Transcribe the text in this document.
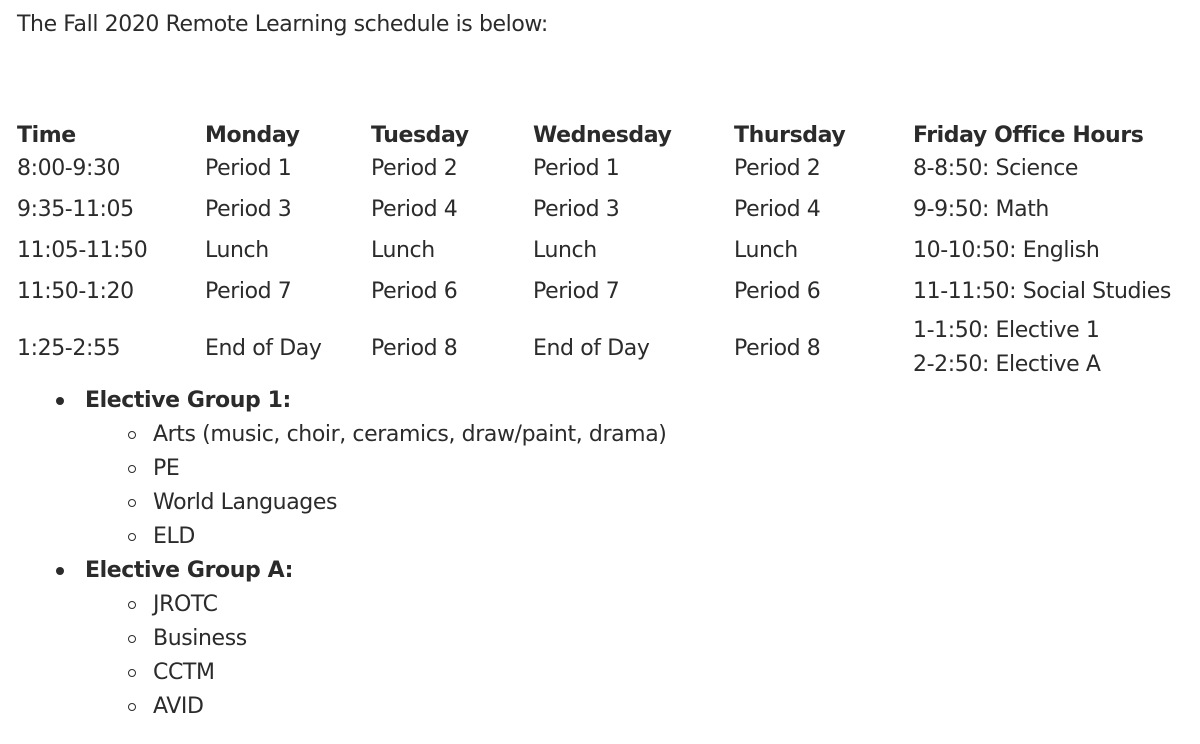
The Fall 2020 Remote Learning schedule is below:

Time	Monday	Tuesday	Wednesday	Thursday	Friday Office Hours
8:00-9:30	Period 1	Period 2	Period 1	Period 2	8-8:50: Science

9:35-11:05	Period 3	Period 4	Period 3	Period 4	9-9:50: Math

11:05-11:50	Lunch	Lunch	Lunch	Lunch	10-10:50: English

11:50-1:20	Period 7	Period 6	Period 7	Period 6	11-11:50: Social Studies

1:25-2:55	End of Day	Period 8	End of Day	Period 8	1-1:50: Elective 1
2-2:50: Elective A
Elective Group 1:
Arts (music, choir, ceramics, draw/paint, drama)
PE
World Languages
ELD
Elective Group A:
JROTC
Business
CCTM
AVID
